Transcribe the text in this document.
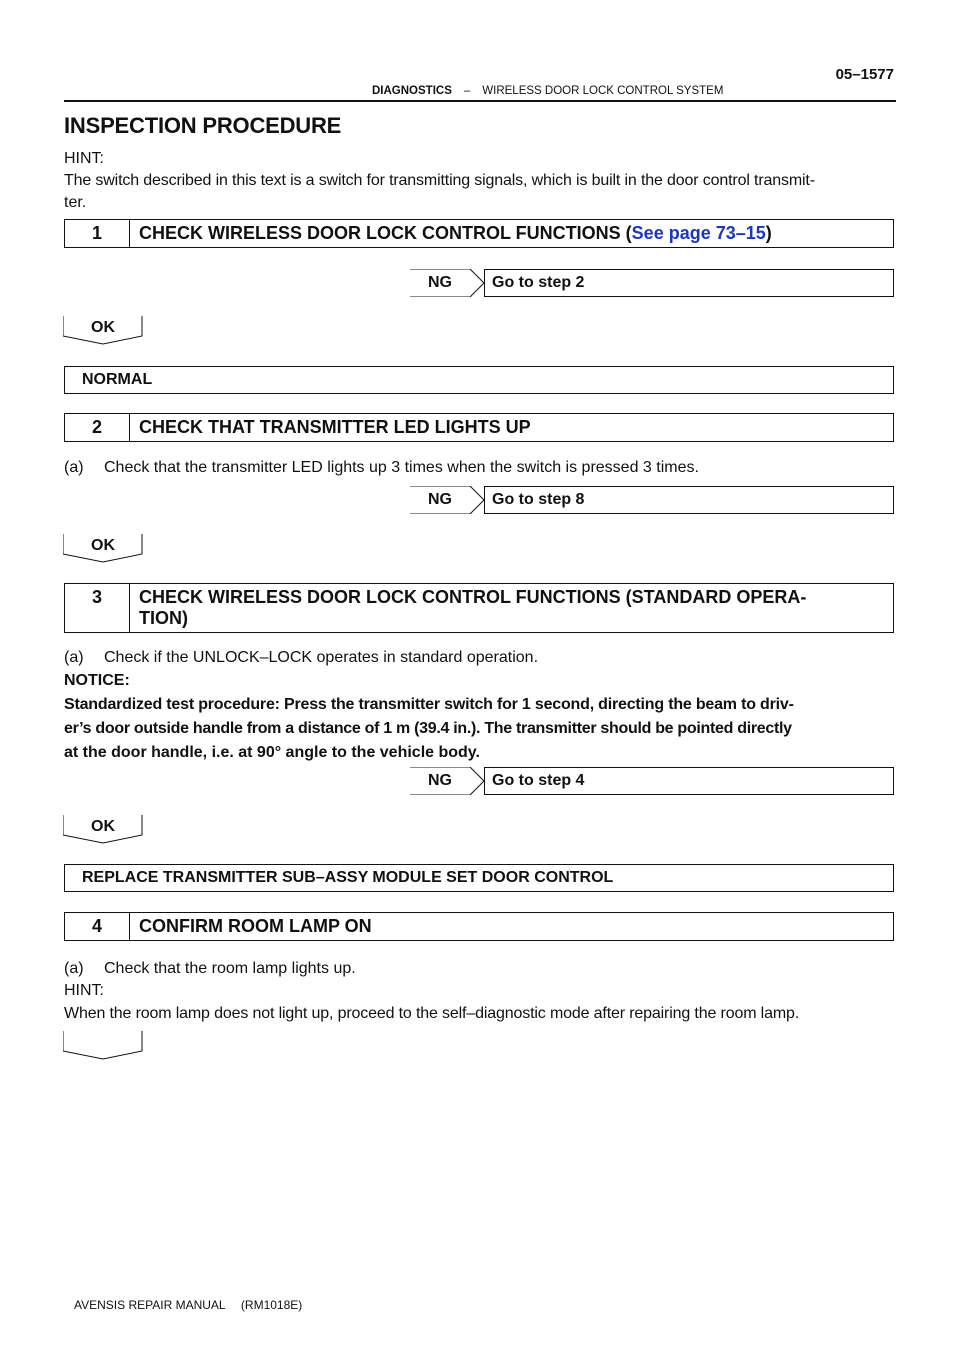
05–1577
DIAGNOSTICS – WIRELESS DOOR LOCK CONTROL SYSTEM
INSPECTION PROCEDURE
HINT:
The switch described in this text is a switch for transmitting signals, which is built in the door control transmit-
ter.
1	CHECK WIRELESS DOOR LOCK CONTROL FUNCTIONS (See page 73–15)
NG	Go to step 2
OK
NORMAL
2	CHECK THAT TRANSMITTER LED LIGHTS UP
(a)  Check that the transmitter LED lights up 3 times when the switch is pressed 3 times.
NG	Go to step 8
OK
3	CHECK WIRELESS DOOR LOCK CONTROL FUNCTIONS (STANDARD OPERA-
TION)
(a)  Check if the UNLOCK–LOCK operates in standard operation.
NOTICE:
Standardized test procedure: Press the transmitter switch for 1 second, directing the beam to driv-
er’s door outside handle from a distance of 1 m (39.4 in.). The transmitter should be pointed directly
at the door handle, i.e. at 90° angle to the vehicle body.
NG	Go to step 4
OK
REPLACE TRANSMITTER SUB–ASSY MODULE SET DOOR CONTROL
4	CONFIRM ROOM LAMP ON
(a)  Check that the room lamp lights up.
HINT:
When the room lamp does not light up, proceed to the self–diagnostic mode after repairing the room lamp.
AVENSIS REPAIR MANUAL  (RM1018E)
